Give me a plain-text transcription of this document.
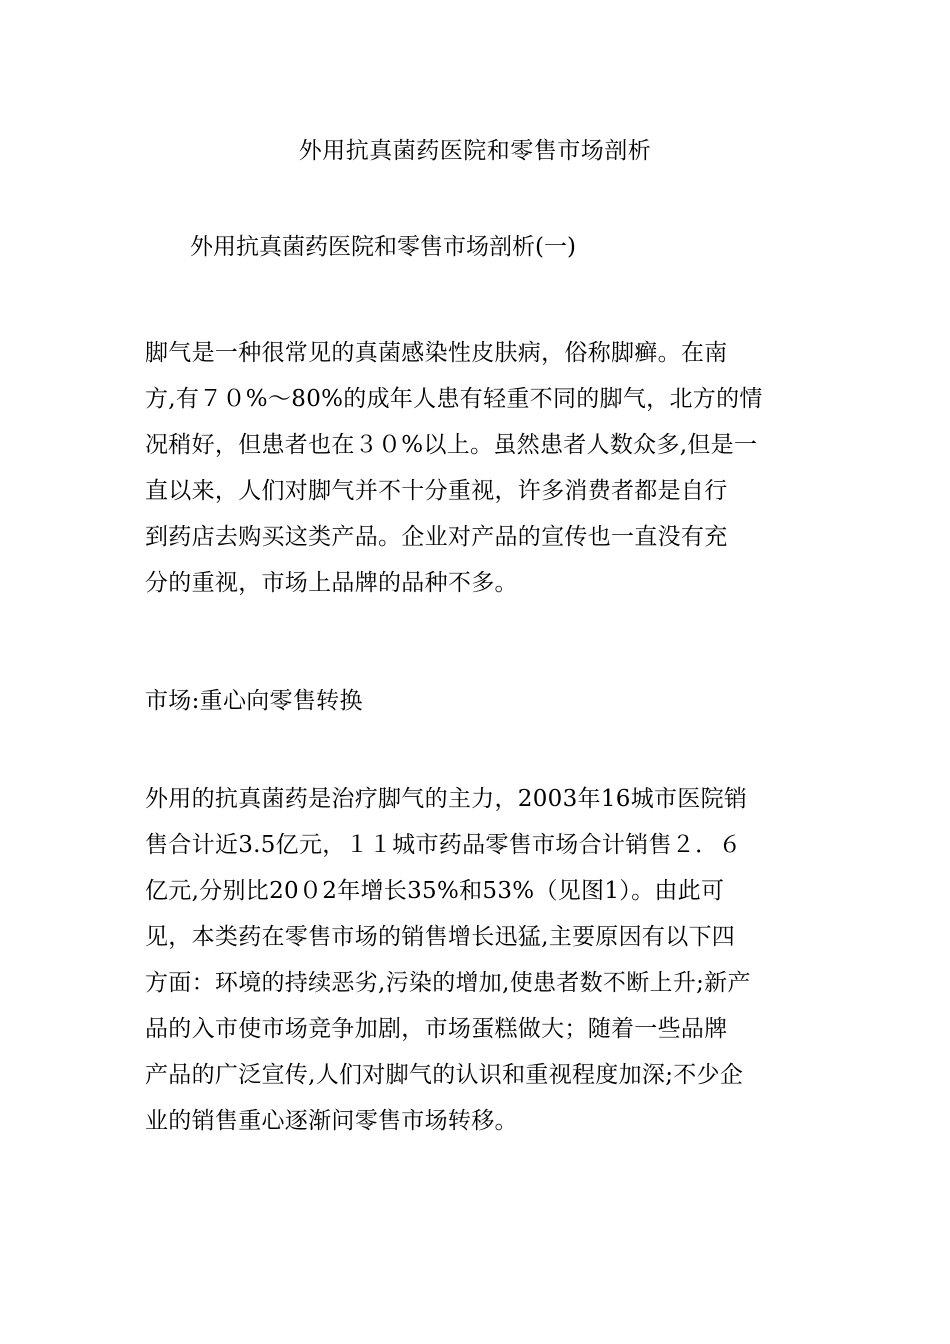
外用抗真菌药医院和零售市场剖析
外用抗真菌药医院和零售市场剖析(一)
脚气是一种很常见的真菌感染性皮肤病，俗称脚癣。在南
方,有７０%～80%的成年人患有轻重不同的脚气，北方的情
况稍好，但患者也在３０%以上。虽然患者人数众多,但是一
直以来，人们对脚气并不十分重视，许多消费者都是自行
到药店去购买这类产品。企业对产品的宣传也一直没有充
分的重视，市场上品牌的品种不多。
市场:重心向零售转换
外用的抗真菌药是治疗脚气的主力，2003年16城市医院销
售合计近3.5亿元，１１城市药品零售市场合计销售２．６
亿元,分别比20０2年增长35%和53%（见图1）。由此可
见，本类药在零售市场的销售增长迅猛,主要原因有以下四
方面：环境的持续恶劣,污染的增加,使患者数不断上升;新产
品的入市使市场竞争加剧，市场蛋糕做大；随着一些品牌
产品的广泛宣传,人们对脚气的认识和重视程度加深;不少企
业的销售重心逐渐问零售市场转移。
